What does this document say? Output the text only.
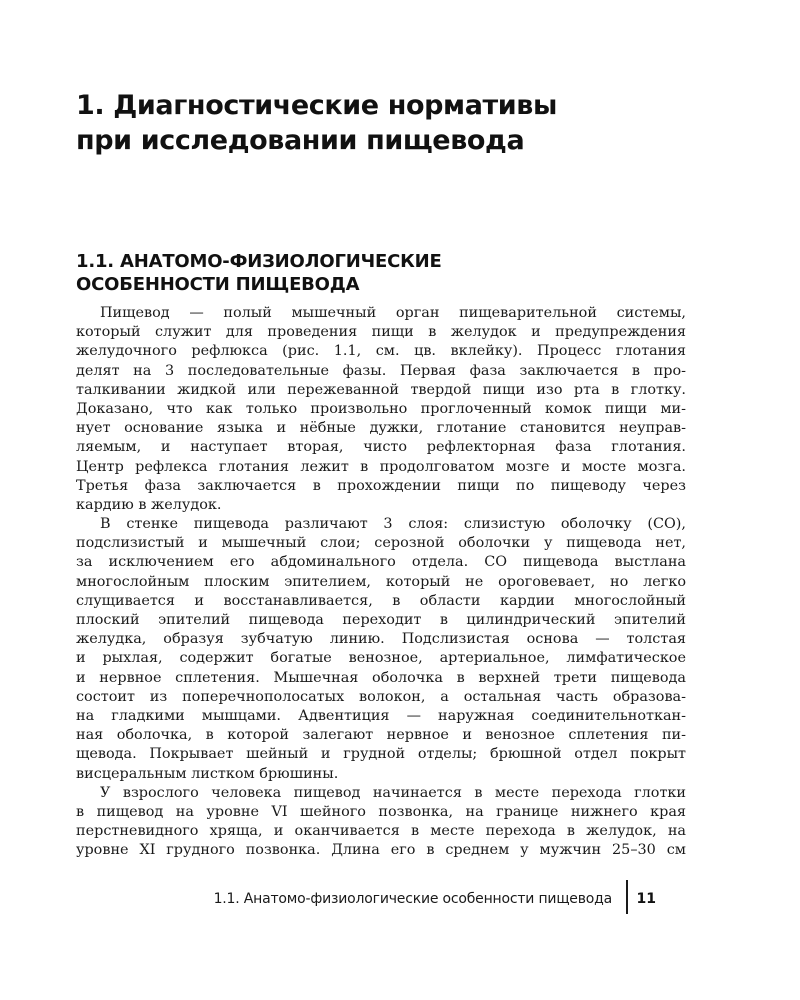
1. Диагностические нормативы
при исследовании пищевода
1.1. АНАТОМО-ФИЗИОЛОГИЧЕСКИЕ
ОСОБЕННОСТИ ПИЩЕВОДА
Пищевод — полый мышечный орган пищеварительной системы,
который служит для проведения пищи в желудок и предупреждения
желудочного рефлюкса (рис. 1.1, см. цв. вклейку). Процесс глотания
делят на 3 последовательные фазы. Первая фаза заключается в про-
талкивании жидкой или пережеванной твердой пищи изо рта в глотку.
Доказано, что как только произвольно проглоченный комок пищи ми-
нует основание языка и нёбные дужки, глотание становится неуправ-
ляемым, и наступает вторая, чисто рефлекторная фаза глотания.
Центр рефлекса глотания лежит в продолговатом мозге и мосте мозга.
Третья фаза заключается в прохождении пищи по пищеводу через
кардию в желудок.
В стенке пищевода различают 3 слоя: слизистую оболочку (СО),
подслизистый и мышечный слои; серозной оболочки у пищевода нет,
за исключением его абдоминального отдела. СО пищевода выстлана
многослойным плоским эпителием, который не ороговевает, но легко
слущивается и восстанавливается, в области кардии многослойный
плоский эпителий пищевода переходит в цилиндрический эпителий
желудка, образуя зубчатую линию. Подслизистая основа — толстая
и рыхлая, содержит богатые венозное, артериальное, лимфатическое
и нервное сплетения. Мышечная оболочка в верхней трети пищевода
состоит из поперечнополосатых волокон, а остальная часть образова-
на гладкими мышцами. Адвентиция — наружная соединительноткан-
ная оболочка, в которой залегают нервное и венозное сплетения пи-
щевода. Покрывает шейный и грудной отделы; брюшной отдел покрыт
висцеральным листком брюшины.
У взрослого человека пищевод начинается в месте перехода глотки
в пищевод на уровне VI шейного позвонка, на границе нижнего края
перстневидного хряща, и оканчивается в месте перехода в желудок, на
уровне XI грудного позвонка. Длина его в среднем у мужчин 25–30 см
1.1. Анатомо-физиологические особенности пищевода 11
